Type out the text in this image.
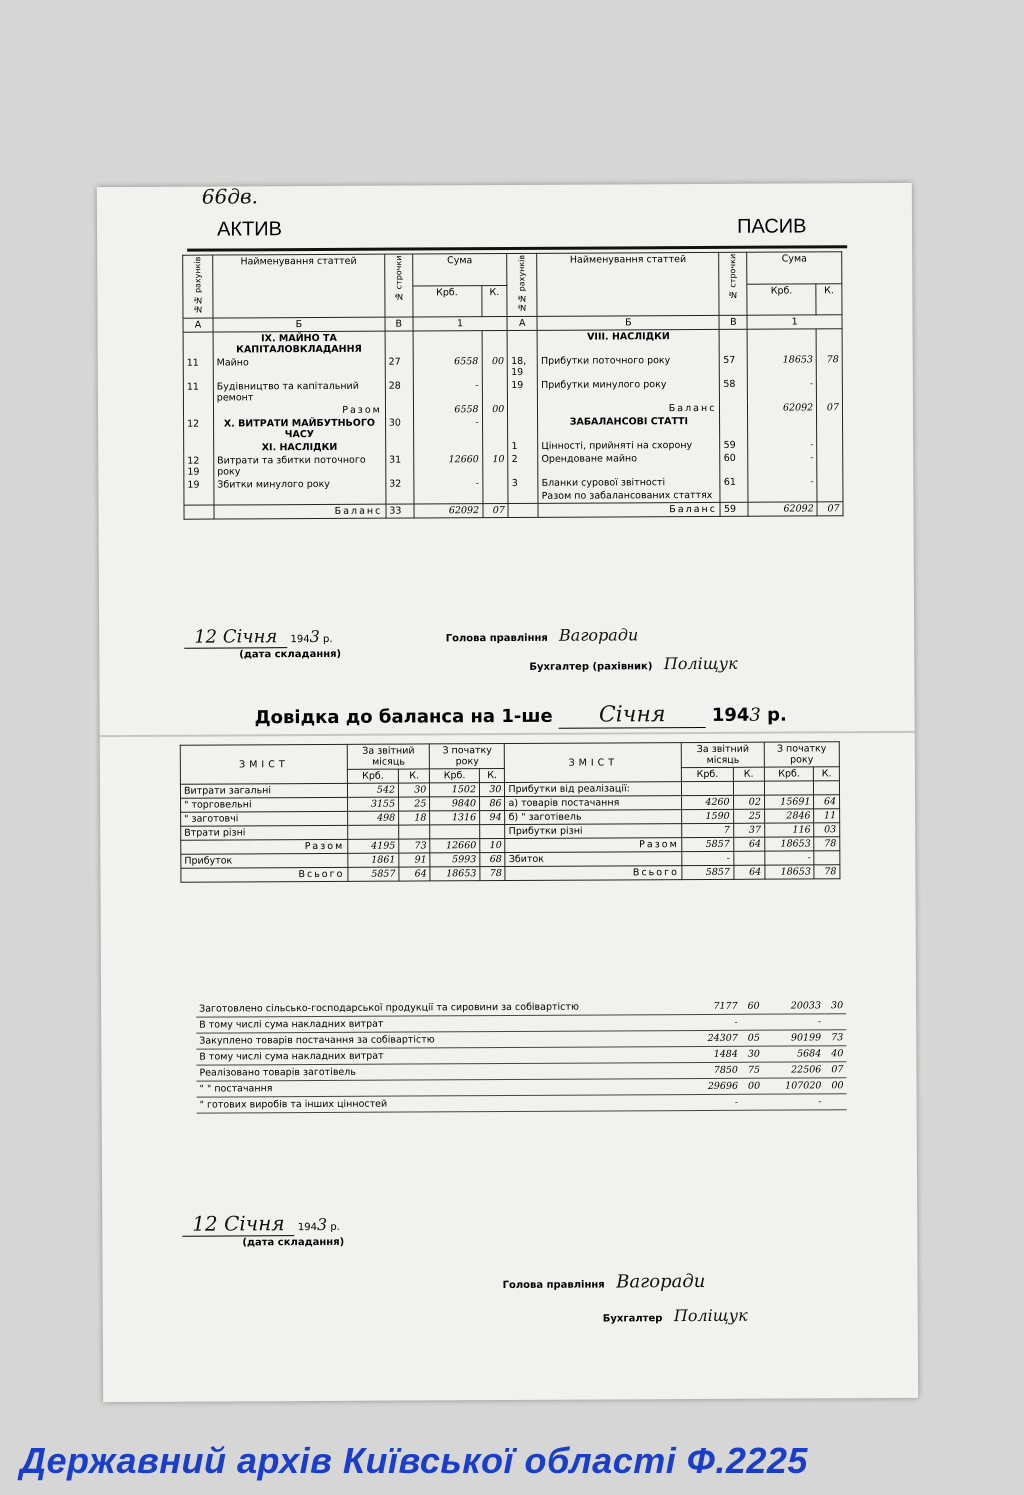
66дв.
АКТИВ	ПАСИВ
№№ рахунків	Найменування статтей	№ строчки	Сума		№№ рахунків	Найменування статтей	№ строчки	Сума	
			Крб.	К.				Крб.	К.
А	Б	В	1		А	Б	В	1	
	IX. МАЙНО ТА КАПІТАЛОВКЛАДАННЯ					VIII. НАСЛІДКИ			
11	Майно	27	6558	00	18, 19	Прибутки поточного року	57	18653	78
11	Будівництво та капітальний ремонт	28	-		19	Прибутки минулого року	58	-	
	Разом		6558	00		Баланс		62092	07
12	X. ВИТРАТИ МАЙБУТНЬОГО ЧАСУ	30	-			ЗАБАЛАНСОВІ СТАТТІ			
	XI. НАСЛІДКИ				1	Цінності, прийняті на схорону	59	-	
12 19	Витрати та збитки поточного року	31	12660	10	2	Орендоване майно	60	-	
19	Збитки минулого року	32	-		3	Бланки сурової звітності	61	-	
						Разом по забалансованих статтях			
	Баланс	33	62092	07		Баланс	59	62092	07
12 Січня 1943 р.	Голова правління Вагоради
(дата складання)
Бухгалтер (рахівник) Поліщук
Довідка до баланса на 1-ше Січня	1943 р.
ЗМІСТ	За звітний місяць		З початку року		ЗМІСТ	За звітний місяць		З початку року	
	Крб.	К.	Крб.	К.		Крб.	К.	Крб.	К.
Витрати загальні	542	30	1502	30	Прибутки від реалізації:				
" торговельні	3155	25	9840	86	а) товарів постачання	4260	02	15691	64
" заготовчі	498	18	1316	94	б) " заготівель	1590	25	2846	11
Втрати різні					Прибутки різні	7	37	116	03
Разом	4195	73	12660	10	Разом	5857	64	18653	78
Прибуток	1861	91	5993	68	Збиток	-		-	
Всього	5857	64	18653	78	Всього	5857	64	18653	78
Заготовлено сільсько-господарської продукції та сировини за собівартістю	7177	60	20033	30
В тому числі сума накладних витрат	-		-	
Закуплено товарів постачання за собівартістю	24307	05	90199	73
В тому числі сума накладних витрат	1484	30	5684	40
Реалізовано товарів заготівель	7850	75	22506	07
" " постачання	29696	00	107020	00
" готових виробів та інших цінностей	-		-	
12 Січня 1943 р.
(дата складання)
Голова правління Вагоради
Бухгалтер Поліщук
Державний архів Київської області Ф.2225
